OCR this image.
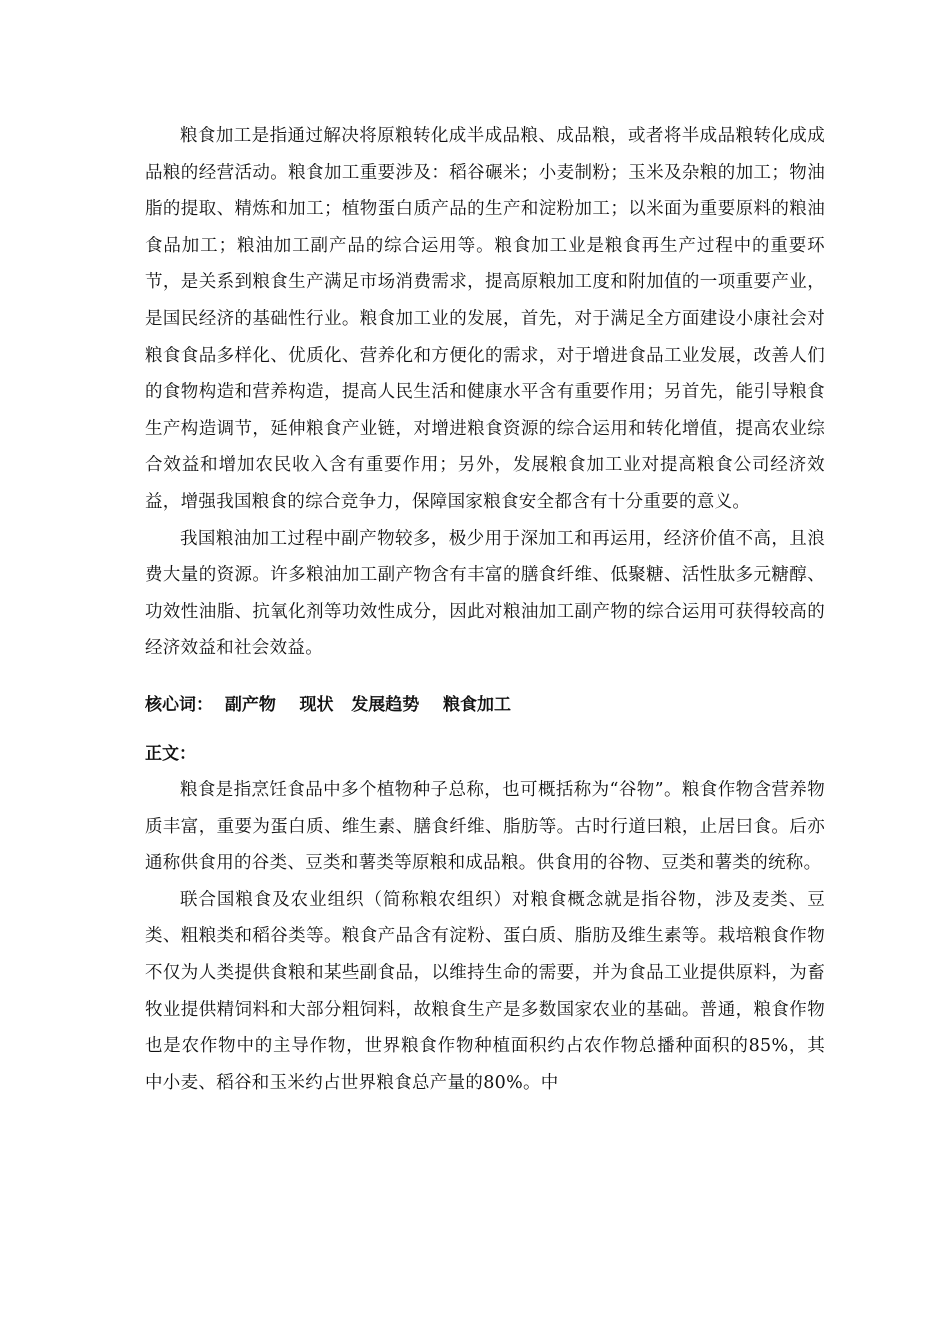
粮食加工是指通过解决将原粮转化成半成品粮、成品粮，或者将半成品粮转化成成品粮的经营活动。粮食加工重要涉及：稻谷碾米；小麦制粉；玉米及杂粮的加工；物油脂的提取、精炼和加工；植物蛋白质产品的生产和淀粉加工；以米面为重要原料的粮油食品加工；粮油加工副产品的综合运用等。粮食加工业是粮食再生产过程中的重要环节，是关系到粮食生产满足市场消费需求，提高原粮加工度和附加值的一项重要产业，是国民经济的基础性行业。粮食加工业的发展，首先，对于满足全方面建设小康社会对粮食食品多样化、优质化、营养化和方便化的需求，对于增进食品工业发展，改善人们的食物构造和营养构造，提高人民生活和健康水平含有重要作用；另首先，能引导粮食生产构造调节，延伸粮食产业链，对增进粮食资源的综合运用和转化增值，提高农业综合效益和增加农民收入含有重要作用；另外，发展粮食加工业对提高粮食公司经济效益，增强我国粮食的综合竞争力，保障国家粮食安全都含有十分重要的意义。

我国粮油加工过程中副产物较多，极少用于深加工和再运用，经济价值不高，且浪费大量的资源。许多粮油加工副产物含有丰富的膳食纤维、低聚糖、活性肽多元糖醇、功效性油脂、抗氧化剂等功效性成分，因此对粮油加工副产物的综合运用可获得较高的经济效益和社会效益。

核心词：  副产物    现状   发展趋势    粮食加工

正文：

粮食是指烹饪食品中多个植物种子总称，也可概括称为“谷物”。粮食作物含营养物质丰富，重要为蛋白质、维生素、膳食纤维、脂肪等。古时行道曰粮，止居曰食。后亦通称供食用的谷类、豆类和薯类等原粮和成品粮。供食用的谷物、豆类和薯类的统称。

联合国粮食及农业组织（简称粮农组织）对粮食概念就是指谷物，涉及麦类、豆类、粗粮类和稻谷类等。粮食产品含有淀粉、蛋白质、脂肪及维生素等。栽培粮食作物不仅为人类提供食粮和某些副食品，以维持生命的需要，并为食品工业提供原料，为畜牧业提供精饲料和大部分粗饲料，故粮食生产是多数国家农业的基础。普通，粮食作物也是农作物中的主导作物，世界粮食作物种植面积约占农作物总播种面积的85%，其中小麦、稻谷和玉米约占世界粮食总产量的80%。中
